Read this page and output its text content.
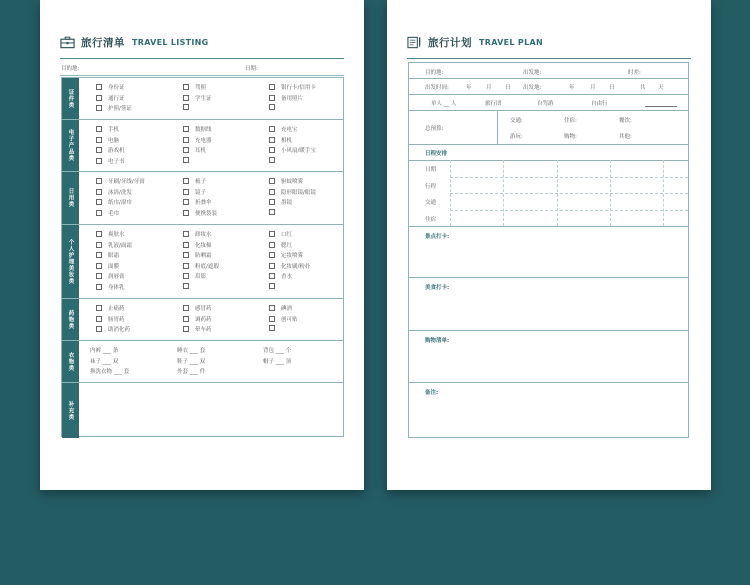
旅行清单 TRAVEL LISTING
目的地:	日期:
证件类
身份证	驾照	银行卡/信用卡
通行证	学生证	备用照片
护照/签证
电子产品类	手机	数据线	充电宝
电脑	充电器	相机
游戏机	耳机	小风扇/暖手宝
电子书
日用类
牙刷/牙线/牙膏	梳子	驱蚊喷雾
沐浴/洗发	镜子	隐形眼镜/眼镜
纸巾/湿巾	折叠伞	墨镜
毛巾	便携袋装
个人护理美妆类
爽肤水	卸妆水	口红
乳液/面霜	化妆棉	腮红
眼霜	防晒霜	定妆喷雾
面膜	粉底/遮瑕	化妆刷/粉扑
润唇膏	眉影	香水
身体乳
药物类
止痛药	感冒药	碘酒
肠胃药	调药药	创可贴
助消化药	晕车药
衣物类
内裤 ___ 条	睡衣 ___ 套	背包 ___ 个
袜子 ___ 双	鞋子 ___ 双	帽子 ___ 顶
换洗衣物 ___ 套	外套 ___ 件
补充类
旅行计划 TRAVEL PLAN
目的地:	出发地:	时差:
出发时间:	年	月 日 出发地:	年	月 日	共 天
单人 __ 人	旅行团	自驾游	自由行
总预算:
交通:	住宿:	餐饮:
游玩:	购物:	其他:
日程安排
景点打卡:
美食打卡:
购物清单:
备注:
日期
行程
交通
住宿
